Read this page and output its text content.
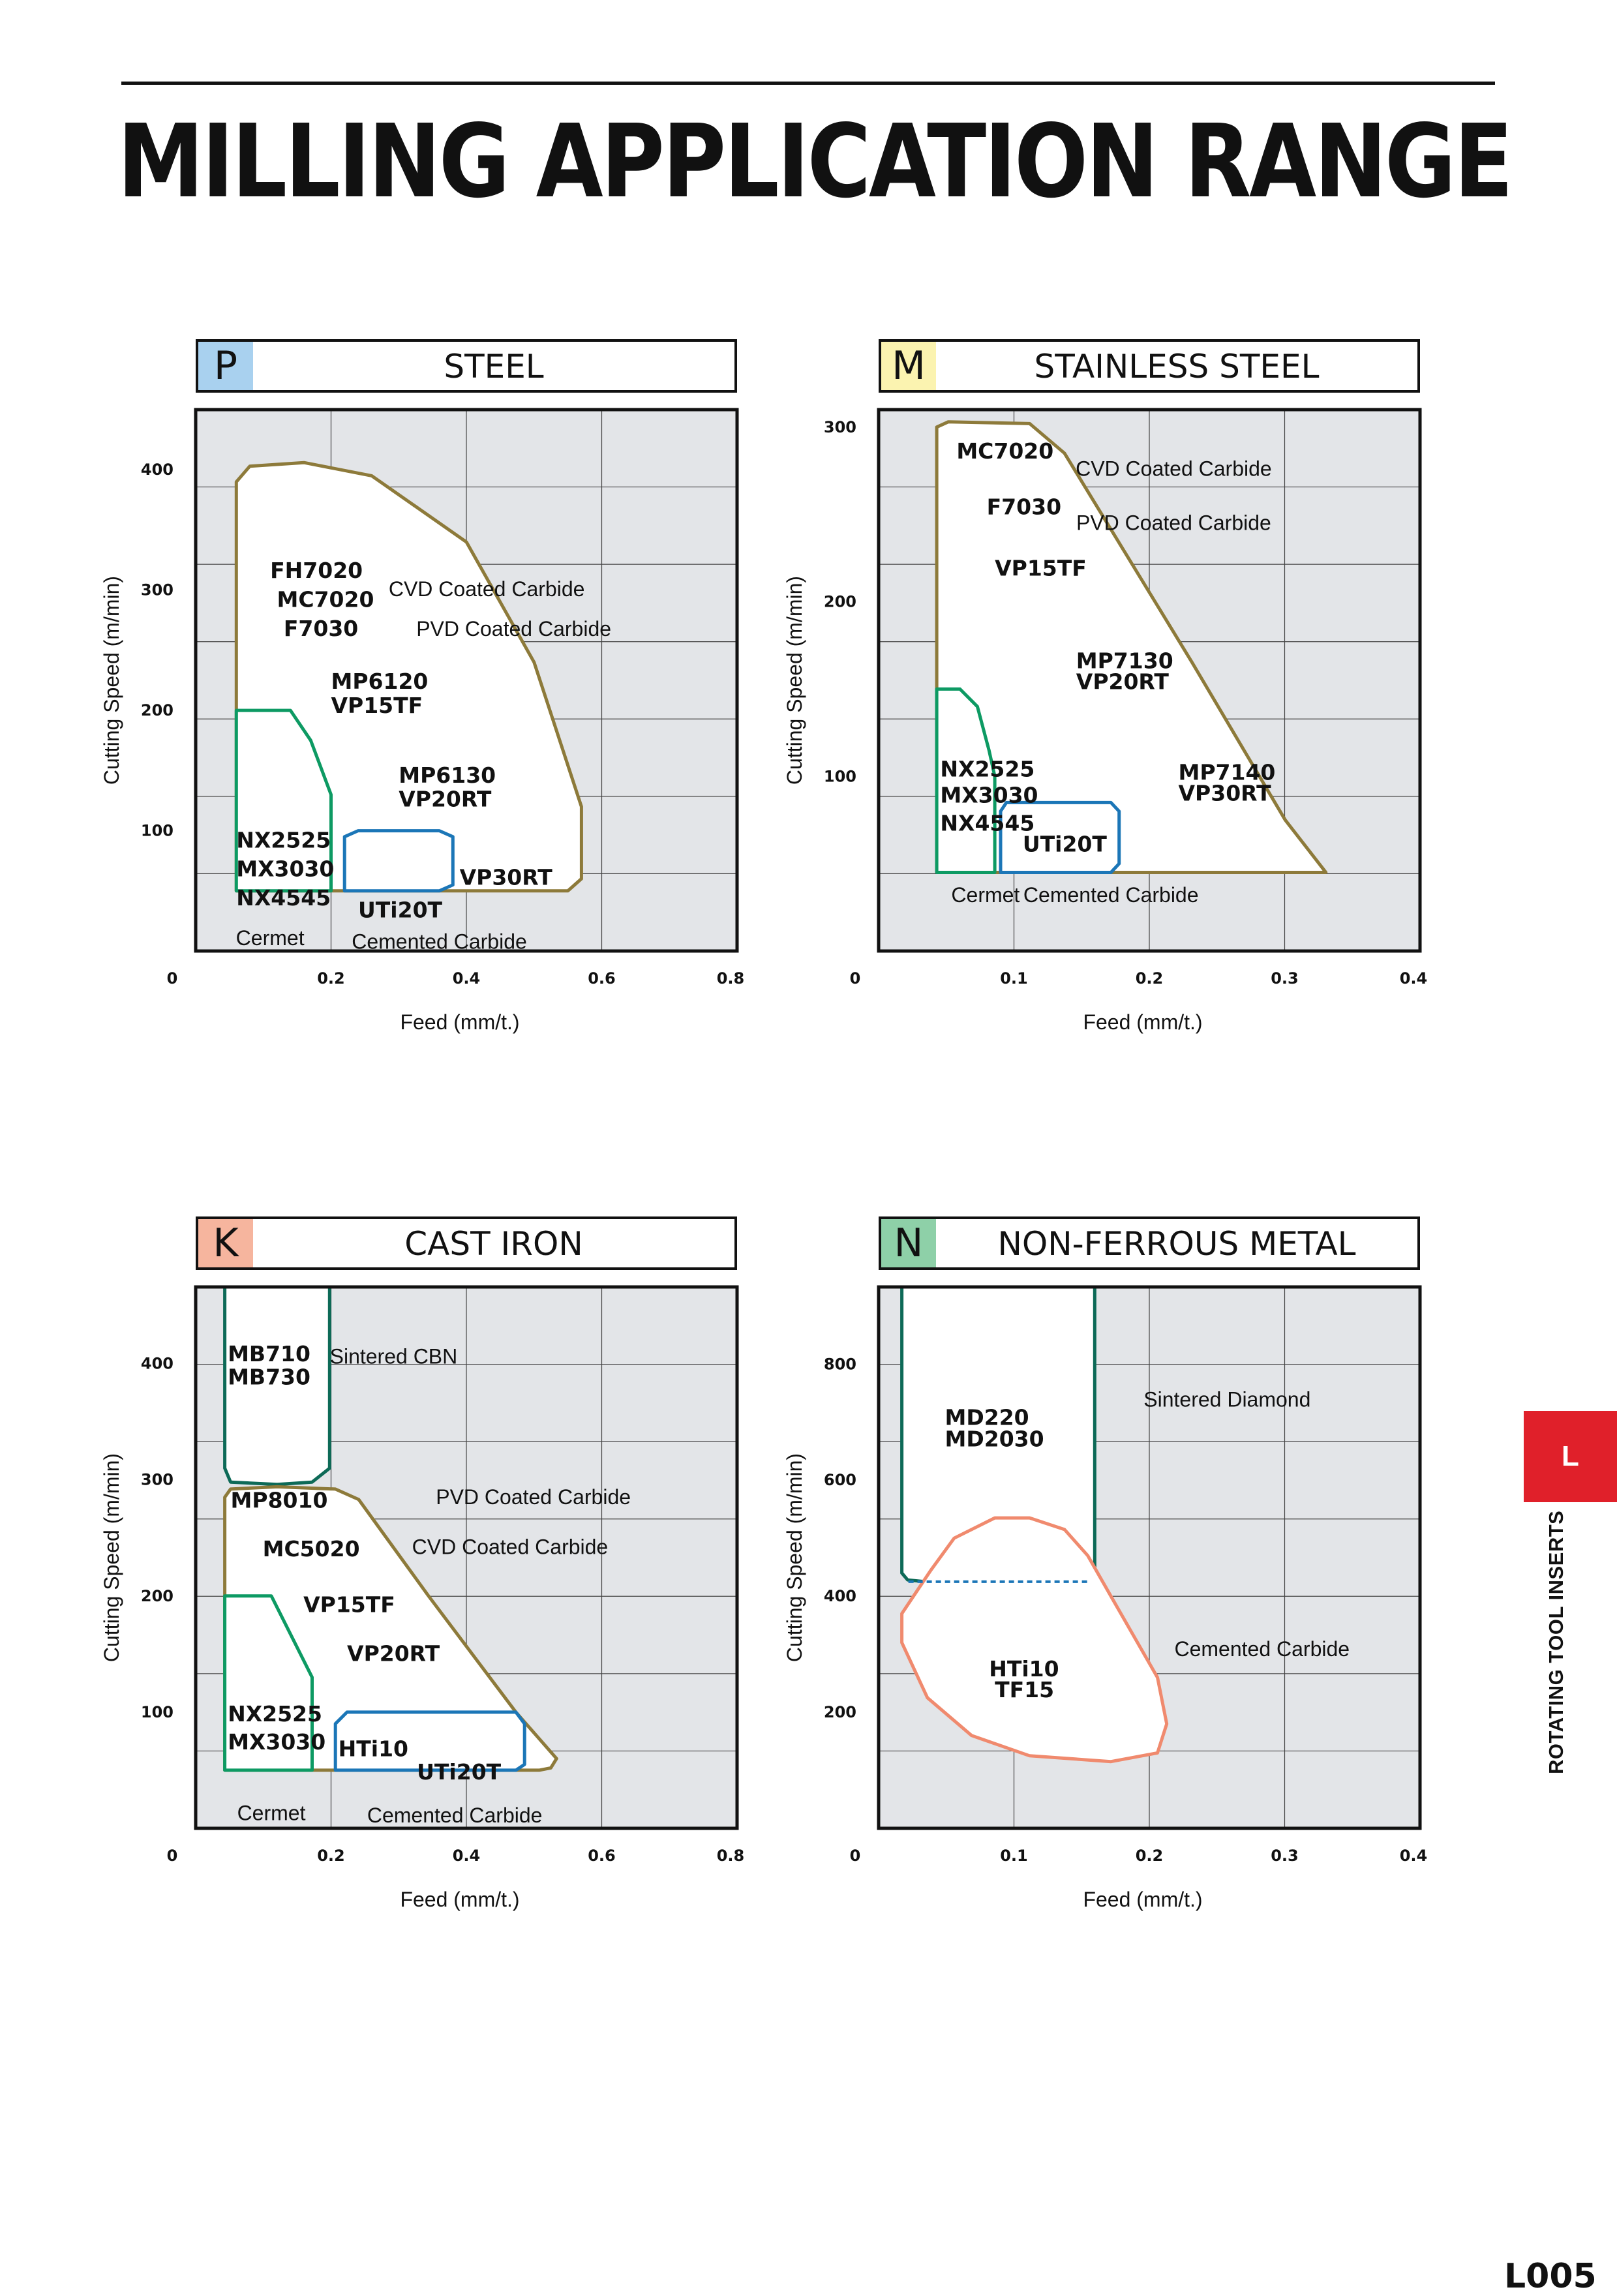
MILLING APPLICATION RANGE
P	STEEL
FH7020
MC7020
F7030
MP6120
VP15TF
MP6130
VP20RT
NX2525
MX3030
NX4545
VP30RT
UTi20T
CVD Coated Carbide
PVD Coated Carbide
Cermet Cemented Carbide
0	0.2	0.4	0.6	0.8
100
200
300
400
Feed (mm/t.)
Cutting Speed (m/min)
M	STAINLESS STEEL
MC7020
F7030
VP15TF
MP7130
VP20RT
NX2525
MX3030
NX4545
MP7140
VP30RT
UTi20T
CVD Coated Carbide
PVD Coated Carbide
Cermet Cemented Carbide
0	0.1	0.2	0.3	0.4
100
200
300
Feed (mm/t.)
Cutting Speed (m/min)
K	CAST IRON
MB710
MB730
MP8010
MC5020
VP15TF
VP20RT
NX2525
MX3030 HTi10
UTi20T
Sintered CBN
PVD Coated Carbide
CVD Coated Carbide
Cermet	Cemented Carbide
0	0.2	0.4	0.6	0.8
100
200
300
400
Feed (mm/t.)
Cutting Speed (m/min)
N	NON-FERROUS METAL
MD220
MD2030
HTi10
TF15
Sintered Diamond
Cemented Carbide
0	0.1	0.2	0.3	0.4
200
400
600
800
Feed (mm/t.)
Cutting Speed (m/min)	L
ROTATING TOOL INSERTS
L005
